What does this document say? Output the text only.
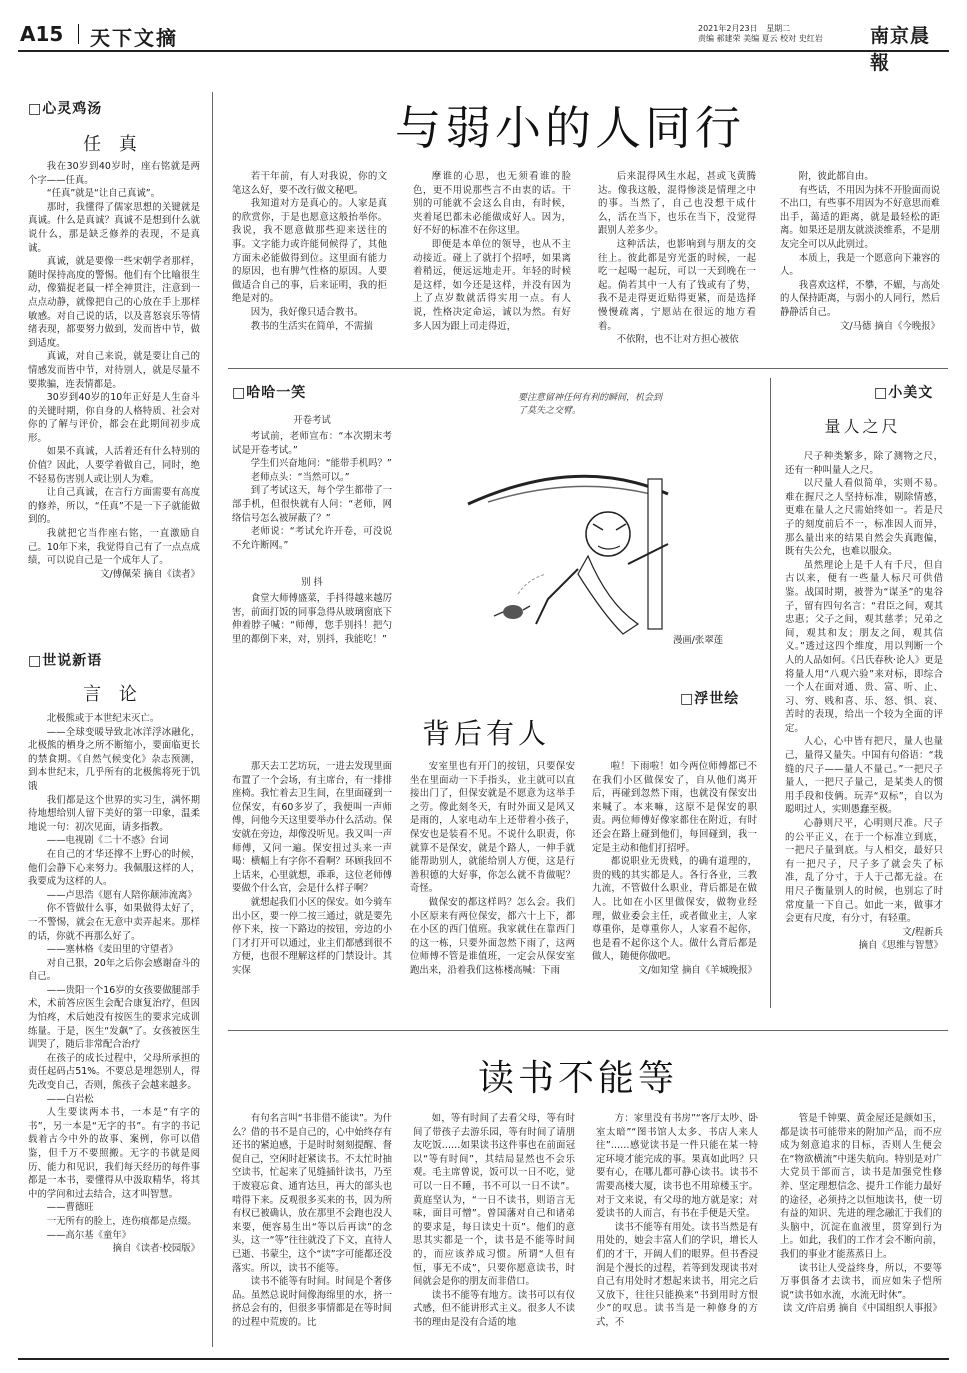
A15 天下文摘	2021年2月23日 星期二
责编 郝建荣 美编 夏云 校对 史红岩 南京晨報
□心灵鸡汤
任 真

我在30岁到40岁时，座右铭就是两个字——任真。

“任真”就是“让自己真诚”。

那时，我懂得了儒家思想的关键就是真诚。什么是真诚？真诚不是想到什么就说什么，那是缺乏修养的表现，不是真诚。

真诚，就是要像一些宋朝学者那样，随时保持高度的警惕。他们有个比喻很生动，像猫捉老鼠一样全神贯注，注意到一点点动静，就像把自己的心放在手上那样敏感。对自己说的话，以及喜怒哀乐等情绪表现，都要努力做到，发而皆中节，做到适度。

真诚，对自己来说，就是要让自己的情感发而皆中节，对待别人，就是尽量不要欺骗，连表情都是。

30岁到40岁的10年正好是人生奋斗的关键时期，你自身的人格特质、社会对你的了解与评价，都会在此期间初步成形。

如果不真诚，人活着还有什么特别的价值？因此，人要学着做自己，同时，绝不轻易伤害别人或让别人为难。

让自己真诚，在言行方面需要有高度的修养，所以，“任真”不是一下子就能做到的。

我就把它当作座右铭，一直激励自己。10年下来，我觉得自己有了一点点成绩，可以说自己是一个成年人了。

文/傅佩荣 摘自《读者》
□世说新语
言 论

北极熊或于本世纪末灭亡。

——全球变暖导致北冰洋浮冰融化，北极熊的栖身之所不断缩小，要面临更长的禁食期。《自然气候变化》杂志预测，到本世纪末，几乎所有的北极熊将死于饥饿

我们都是这个世界的实习生，满怀期待地想给别人留下美好的第一印象，温柔地说一句：初次见面，请多指教。

——电视剧《二十不惑》台词

在自己的才华还撑不上野心的时候，他们会静下心来努力。我佩服这样的人，我要成为这样的人。

——卢思浩《愿有人陪你颠沛流离》

你不管做什么事，如果做得太好了，一不警惕，就会在无意中卖弄起来。那样的话，你就不再那么好了。

——塞林格《麦田里的守望者》

对自己狠，20年之后你会感谢奋斗的自己。

——贵阳一个16岁的女孩要做腿部手术，术前答应医生会配合康复治疗，但因为怕疼，术后她没有按医生的要求完成训练量。于是，医生“发飙”了。女孩被医生训哭了，随后非常配合治疗

在孩子的成长过程中，父母所承担的责任起码占51%。不要总是埋怨别人，得先改变自己，否则，熊孩子会越来越多。

——白岩松

人生要读两本书，一本是“有字的书”，另一本是“无字的书”。有字的书记载着古今中外的故事、案例，你可以借鉴，但千万不要照搬。无字的书就是阅历、能力和见识，我们每天经历的每件事都是一本书，要懂得从中汲取精华，将其中的学问和过去结合，这才叫智慧。

——曹德旺

一无所有的脸上，连伤痕都是点缀。

——高尔基《童年》

摘自《读者·校园版》
与弱小的人同行

若干年前，有人对我说，你的文笔这么好，要不改行做文秘吧。

我知道对方是真心的。人家是真的欣赏你，于是也愿意这般抬举你。我说，我不愿意做那些迎来送往的事。文字能力或许能伺候得了，其他方面未必能做得到位。这里面有能力的原因，也有脾气性格的原因。人要做适合自己的事，后来证明，我的拒绝是对的。

因为，我好像只适合教书。

教书的生活实在简单，不需揣

摩谁的心思，也无须看谁的脸色，更不用说那些言不由衷的话。干别的可能就不会这么自由，有时候，夹着尾巴都未必能做成好人。因为，好不好的标准不在你这里。

即便是本单位的领导，也从不主动接近。碰上了就打个招呼，如果离着稍远，便远远地走开。年轻的时候是这样，如今还是这样，并没有因为上了点岁数就活得实用一点。有人说，性格决定命运，诚以为然。有好多人因为跟上司走得近，

后来混得风生水起，甚或飞黄腾达。像我这般，混得惨淡是情理之中的事。当然了，自己也没想干成什么，活在当下，也乐在当下，没觉得跟别人差多少。

这种活法，也影响到与朋友的交往上。彼此都是穷光蛋的时候，一起吃一起喝一起玩，可以一天到晚在一起。倘若其中一人有了钱或有了势，我不是走得更近贴得更紧，而是选择慢慢疏离，宁愿站在很远的地方看着。

不依附，也不让对方担心被依

附，彼此都自由。

有些话，不用因为抹不开脸面而说不出口，有些事不用因为不好意思而难出手，蔼适的距离，就是最轻松的距离。如果还是朋友就淡淡维系，不是朋友完全可以从此别过。

本质上，我是一个愿意向下兼容的人。

我喜欢这样，不攀，不媚，与高处的人保持距离，与弱小的人同行，然后静静活自己。

文/马德 摘自《今晚报》
□哈哈一笑
开卷考试

考试前，老师宣布：“本次期末考试是开卷考试。”

学生们兴奋地问：“能带手机吗？”

老师点头：“当然可以。”

到了考试这天，每个学生都带了一部手机，但很快就有人问：“老师，网络信号怎么被屏蔽了？”

老师说：“考试允许开卷，可没说不允许断网。”

别 抖

食堂大师傅盛菜，手抖得越来越厉害，前面打饭的同事急得从玻璃窗底下伸着脖子喊：“师傅，您手别抖！把勺里的都倒下来，对，别抖，我能吃！”

要注意留神任何有利的瞬间，机会到了莫失之交臂。
漫画/张翠莲
□浮世绘
□小美文
量人之尺

尺子种类繁多，除了测物之尺，还有一种叫量人之尺。

以尺量人看似简单，实则不易。难在握尺之人坚持标准，剔除情感，更难在量人之尺需始终如一。若是尺子的刻度前后不一，标准因人而异，那么量出来的结果自然会失真跑偏，既有失公允，也难以服众。

虽然理论上是千人有千尺，但自古以来，便有一些量人标尺可供借鉴。战国时期，被誉为“谋圣”的鬼谷子，留有四句名言：“君臣之间，观其忠惠；父子之间，观其慈孝；兄弟之间，观其和友；朋友之间，观其信义。”透过这四个维度，用以判断一个人的人品如何。《吕氏春秋·论人》更是将量人用“八观六验”来对标，即综合一个人在面对通、贵、富、听、止、习、穷、贱和喜、乐、怒、惧、哀、苦时的表现，给出一个较为全面的评定。

人心，心中皆有把尺，量人也量己，量得又量失。中国有句俗语：“栽缝的尺子——量人不量己。”一把尺子量人，一把尺子量己，是某类人的惯用手段和伎俩。玩弄“双标”，自以为聪明过人，实则愚蠢至极。

心静则尺平，心明则尺准。尺子的公平正义，在于一个标准立到底，一把尺子量到底。与人相交，最好只有一把尺子，尺子多了就会失了标准，乱了分寸，于人于己都无益。在用尺子衡量别人的时候，也别忘了时常度量一下自己。如此一来，做事才会更有尺度，有分寸，有轻重。

文/程新兵
摘自《思维与智慧》
背后有人

那天去工艺坊玩，一进去发现里面布置了一个会场，有主席台，有一排排座椅。我忙着去卫生间，在里面碰到一位保安，有60多岁了，我便叫一声师傅，问他今天这里要举办什么活动。保安就在旁边，却像没听见。我又叫一声师傅，又问一遍。保安扭过头来一声喝：横幅上有字你不看啊？环顾我回不上话来，心里就想，乖乖，这位老师傅要做个什么官，会是什么样子啊？

就想起我们小区的保安。如今骑车出小区，要一停二按三通过，就是要先停下来，按一下路边的按钮，旁边的小门才打开可以通过，业主们都感到很不方便，也很不理解这样的门禁设计。其实保

安室里也有开门的按钮，只要保安坐在里面动一下手指头，业主就可以直接出门了，但保安就是不愿意为这举手之劳。像此刻冬天，有时外面又是风又是雨的，人家电动车上还带着小孩子，保安也是装看不见。不说什么职责，你就算不是保安，就是个路人，一伸手就能帮助别人，就能给别人方便，这是行善积德的大好事，你怎么就不肯做呢？奇怪。

做保安的都这样吗？怎么会。我们小区原来有两位保安，都六十上下，都在小区的西门值班。我家就住在靠西门的这一栋，只要外面忽然下雨了，这两位师傅不管是谁值班，一定会从保安室跑出来，沿着我们这栋楼高喊：下雨

啦！下雨啦！如今两位师傅都已不在我们小区做保安了，自从他们离开后，再碰到忽然下雨，也就没有保安出来喊了。本来嘛，这原不是保安的职责。两位师傅好像家都住在附近，有时还会在路上碰到他们，每回碰到，我一定是主动和他们打招呼。

都说职业无贵贱，的确有道理的，贵的贱的其实都是人。各行各业，三教九流，不管做什么职业，背后都是在做人。比如在小区里做保安，做物业经理，做业委会主任，或者做业主，人家尊重你，是尊重你人，人家看不起你，也是看不起你这个人。做什么背后都是做人，随便你做吧。

文/如知堂 摘自《羊城晚报》
读书不能等

有句名言叫“书非借不能读”。为什么？借的书不是自己的，心中始终存有还书的紧迫感，于是时时刻刻提醒、督促自己，空闲时赶紧读书。不太忙时抽空读书，忙起来了见缝插针读书，乃至于废寝忘食、通宵达旦，再大的部头也啃得下来。反观很多买来的书，因为所有权已被确认，放在那里不会跑也没人来要，便容易生出“等以后再读”的念头，这一“等”往往就没了下文，直待人已逝、书蒙尘，这个“读”字可能都还没落实。所以，读书不能等。

读书不能等有时间。时间是个奢侈品。虽然总说时间像海绵里的水，挤一挤总会有的，但很多事情都是在等时间的过程中荒废的。比

如，等有时间了去看父母，等有时间了带孩子去游乐园，等有时间了请朋友吃饭……如果读书这件事也在前面冠以“等有时间”，其结局显然也不会乐观。毛主席曾说，饭可以一日不吃，觉可以一日不睡，书不可以一日不读”。黄庭坚认为，“一日不读书，则语言无味，面目可憎”。曾国藩对自己和诸弟的要求是，每日读史十页”。他们的意思其实都是一个，读书是不能等时间的，而应该养成习惯。所谓“人但有恒，事无不成”，只要你愿意读书，时间就会是你的朋友而非借口。

读书不能等有地方。读书可以有仪式感，但不能讲形式主义。很多人不读书的理由是没有合适的地

方：家里没有书房”“客厅太吵、卧室太暗”“图书馆人太多、书店人来人往”……感觉读书是一件只能在某一特定环境才能完成的事。果真如此吗？只要有心，在哪儿都可静心读书。读书不需要高楼大厦，读书也不用琼楼玉宇。对于文来说，有父母的地方就是家；对爱读书的人而言，有书在手便是天堂。

读书不能等有用处。读书当然是有用处的，她会丰富人们的学识，增长人们的才干，开阔人们的眼界。但书香浸润是个漫长的过程，若等到发现读书对自己有用处时才想起来读书，用完之后又放下，往往只能换来“书到用时方恨少”的叹息。读书当是一种修身的方式，不

管是千钟粟、黄金屋还是颜如玉，都是读书可能带来的附加产品，而不应成为刻意追求的目标，否则人生便会在“物欲横流”中迷失航向。特别是对广大党员干部而言，读书是加强党性修养、坚定理想信念、提升工作能力最好的途径，必须持之以恒地读书，使一切有益的知识、先进的理念融汇于我们的头脑中，沉淀在血液里，贯穿到行为上。如此，我们的工作才会不断向前，我们的事业才能蒸蒸日上。

读书让人受益终身，所以，不要等万事俱备才去读书，而应如朱子恺所说“读书如水流，水流无时休”。

读 文/许启勇 摘自《中国组织人事报》
